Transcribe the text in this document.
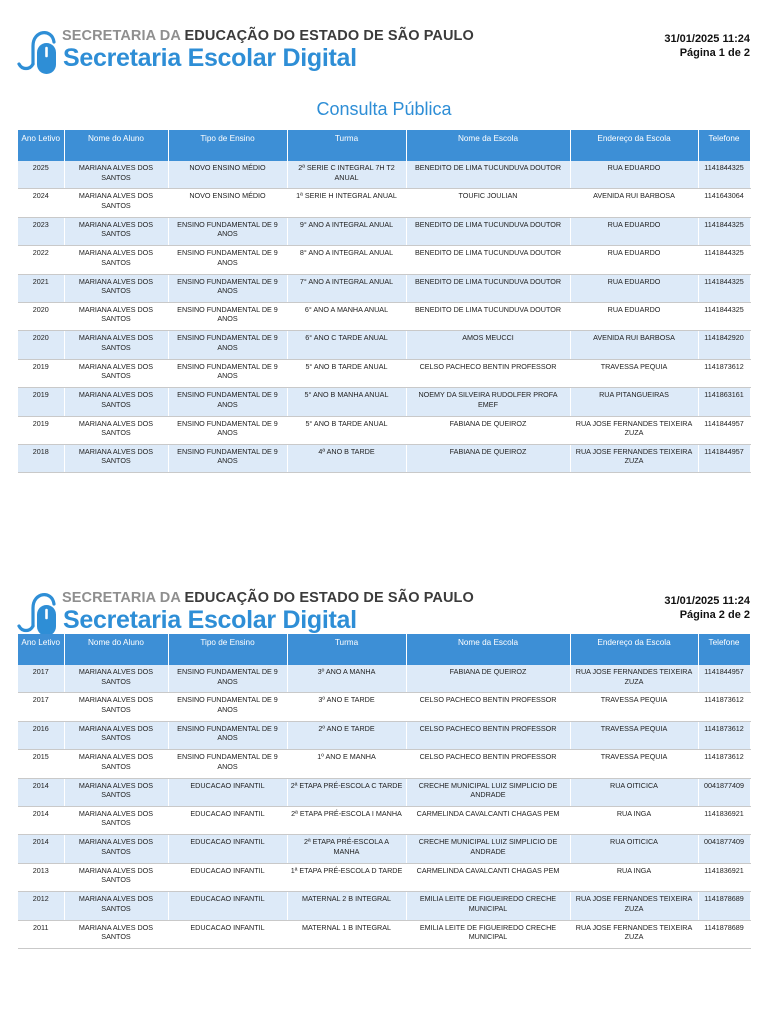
SECRETARIA DA EDUCAÇÃO DO ESTADO DE SÃO PAULO
Secretaria Escolar Digital
31/01/2025 11:24
Página 1 de 2
Consulta Pública
Ano Letivo	Nome do Aluno	Tipo de Ensino	Turma	Nome da Escola	Endereço da Escola	Telefone
2025	MARIANA ALVES DOS SANTOS	NOVO ENSINO MÉDIO	2ª SERIE C INTEGRAL 7H T2 ANUAL	BENEDITO DE LIMA TUCUNDUVA DOUTOR	RUA EDUARDO	1141844325
2024	MARIANA ALVES DOS SANTOS	NOVO ENSINO MÉDIO	1ª SERIE H INTEGRAL ANUAL	TOUFIC JOULIAN	AVENIDA RUI BARBOSA	1141643064
2023	MARIANA ALVES DOS SANTOS	ENSINO FUNDAMENTAL DE 9 ANOS	9° ANO A INTEGRAL ANUAL	BENEDITO DE LIMA TUCUNDUVA DOUTOR	RUA EDUARDO	1141844325
2022	MARIANA ALVES DOS SANTOS	ENSINO FUNDAMENTAL DE 9 ANOS	8° ANO A INTEGRAL ANUAL	BENEDITO DE LIMA TUCUNDUVA DOUTOR	RUA EDUARDO	1141844325
2021	MARIANA ALVES DOS SANTOS	ENSINO FUNDAMENTAL DE 9 ANOS	7° ANO A INTEGRAL ANUAL	BENEDITO DE LIMA TUCUNDUVA DOUTOR	RUA EDUARDO	1141844325
2020	MARIANA ALVES DOS SANTOS	ENSINO FUNDAMENTAL DE 9 ANOS	6° ANO A MANHA ANUAL	BENEDITO DE LIMA TUCUNDUVA DOUTOR	RUA EDUARDO	1141844325
2020	MARIANA ALVES DOS SANTOS	ENSINO FUNDAMENTAL DE 9 ANOS	6° ANO C TARDE ANUAL	AMOS MEUCCI	AVENIDA RUI BARBOSA	1141842920
2019	MARIANA ALVES DOS SANTOS	ENSINO FUNDAMENTAL DE 9 ANOS	5° ANO B TARDE ANUAL	CELSO PACHECO BENTIN PROFESSOR	TRAVESSA PEQUIA	1141873612
2019	MARIANA ALVES DOS SANTOS	ENSINO FUNDAMENTAL DE 9 ANOS	5° ANO B MANHA ANUAL	NOEMY DA SILVEIRA RUDOLFER PROFA EMEF	RUA PITANGUEIRAS	1141863161
2019	MARIANA ALVES DOS SANTOS	ENSINO FUNDAMENTAL DE 9 ANOS	5° ANO B TARDE ANUAL	FABIANA DE QUEIROZ	RUA JOSE FERNANDES TEIXEIRA ZUZA	1141844957
2018	MARIANA ALVES DOS SANTOS	ENSINO FUNDAMENTAL DE 9 ANOS	4ª ANO B TARDE	FABIANA DE QUEIROZ	RUA JOSE FERNANDES TEIXEIRA ZUZA	1141844957
SECRETARIA DA EDUCAÇÃO DO ESTADO DE SÃO PAULO
Secretaria Escolar Digital
31/01/2025 11:24
Página 2 de 2
Ano Letivo	Nome do Aluno	Tipo de Ensino	Turma	Nome da Escola	Endereço da Escola	Telefone
2017	MARIANA ALVES DOS SANTOS	ENSINO FUNDAMENTAL DE 9 ANOS	3º ANO A MANHA	FABIANA DE QUEIROZ	RUA JOSE FERNANDES TEIXEIRA ZUZA	1141844957
2017	MARIANA ALVES DOS SANTOS	ENSINO FUNDAMENTAL DE 9 ANOS	3º ANO E TARDE	CELSO PACHECO BENTIN PROFESSOR	TRAVESSA PEQUIA	1141873612
2016	MARIANA ALVES DOS SANTOS	ENSINO FUNDAMENTAL DE 9 ANOS	2º ANO E TARDE	CELSO PACHECO BENTIN PROFESSOR	TRAVESSA PEQUIA	1141873612
2015	MARIANA ALVES DOS SANTOS	ENSINO FUNDAMENTAL DE 9 ANOS	1º ANO E MANHA	CELSO PACHECO BENTIN PROFESSOR	TRAVESSA PEQUIA	1141873612
2014	MARIANA ALVES DOS SANTOS	EDUCACAO INFANTIL	2ª ETAPA PRÉ-ESCOLA C TARDE	CRECHE MUNICIPAL LUIZ SIMPLICIO DE ANDRADE	RUA OITICICA	0041877409
2014	MARIANA ALVES DOS SANTOS	EDUCACAO INFANTIL	2ª ETAPA PRÉ-ESCOLA I MANHA	CARMELINDA CAVALCANTI CHAGAS PEM	RUA INGA	1141836921
2014	MARIANA ALVES DOS SANTOS	EDUCACAO INFANTIL	2ª ETAPA PRÉ-ESCOLA A MANHA	CRECHE MUNICIPAL LUIZ SIMPLICIO DE ANDRADE	RUA OITICICA	0041877409
2013	MARIANA ALVES DOS SANTOS	EDUCACAO INFANTIL	1ª ETAPA PRÉ-ESCOLA D TARDE	CARMELINDA CAVALCANTI CHAGAS PEM	RUA INGA	1141836921
2012	MARIANA ALVES DOS SANTOS	EDUCACAO INFANTIL	MATERNAL 2 B INTEGRAL	EMILIA LEITE DE FIGUEIREDO CRECHE MUNICIPAL	RUA JOSE FERNANDES TEIXEIRA ZUZA	1141878689
2011	MARIANA ALVES DOS SANTOS	EDUCACAO INFANTIL	MATERNAL 1 B INTEGRAL	EMILIA LEITE DE FIGUEIREDO CRECHE MUNICIPAL	RUA JOSE FERNANDES TEIXEIRA ZUZA	1141878689
